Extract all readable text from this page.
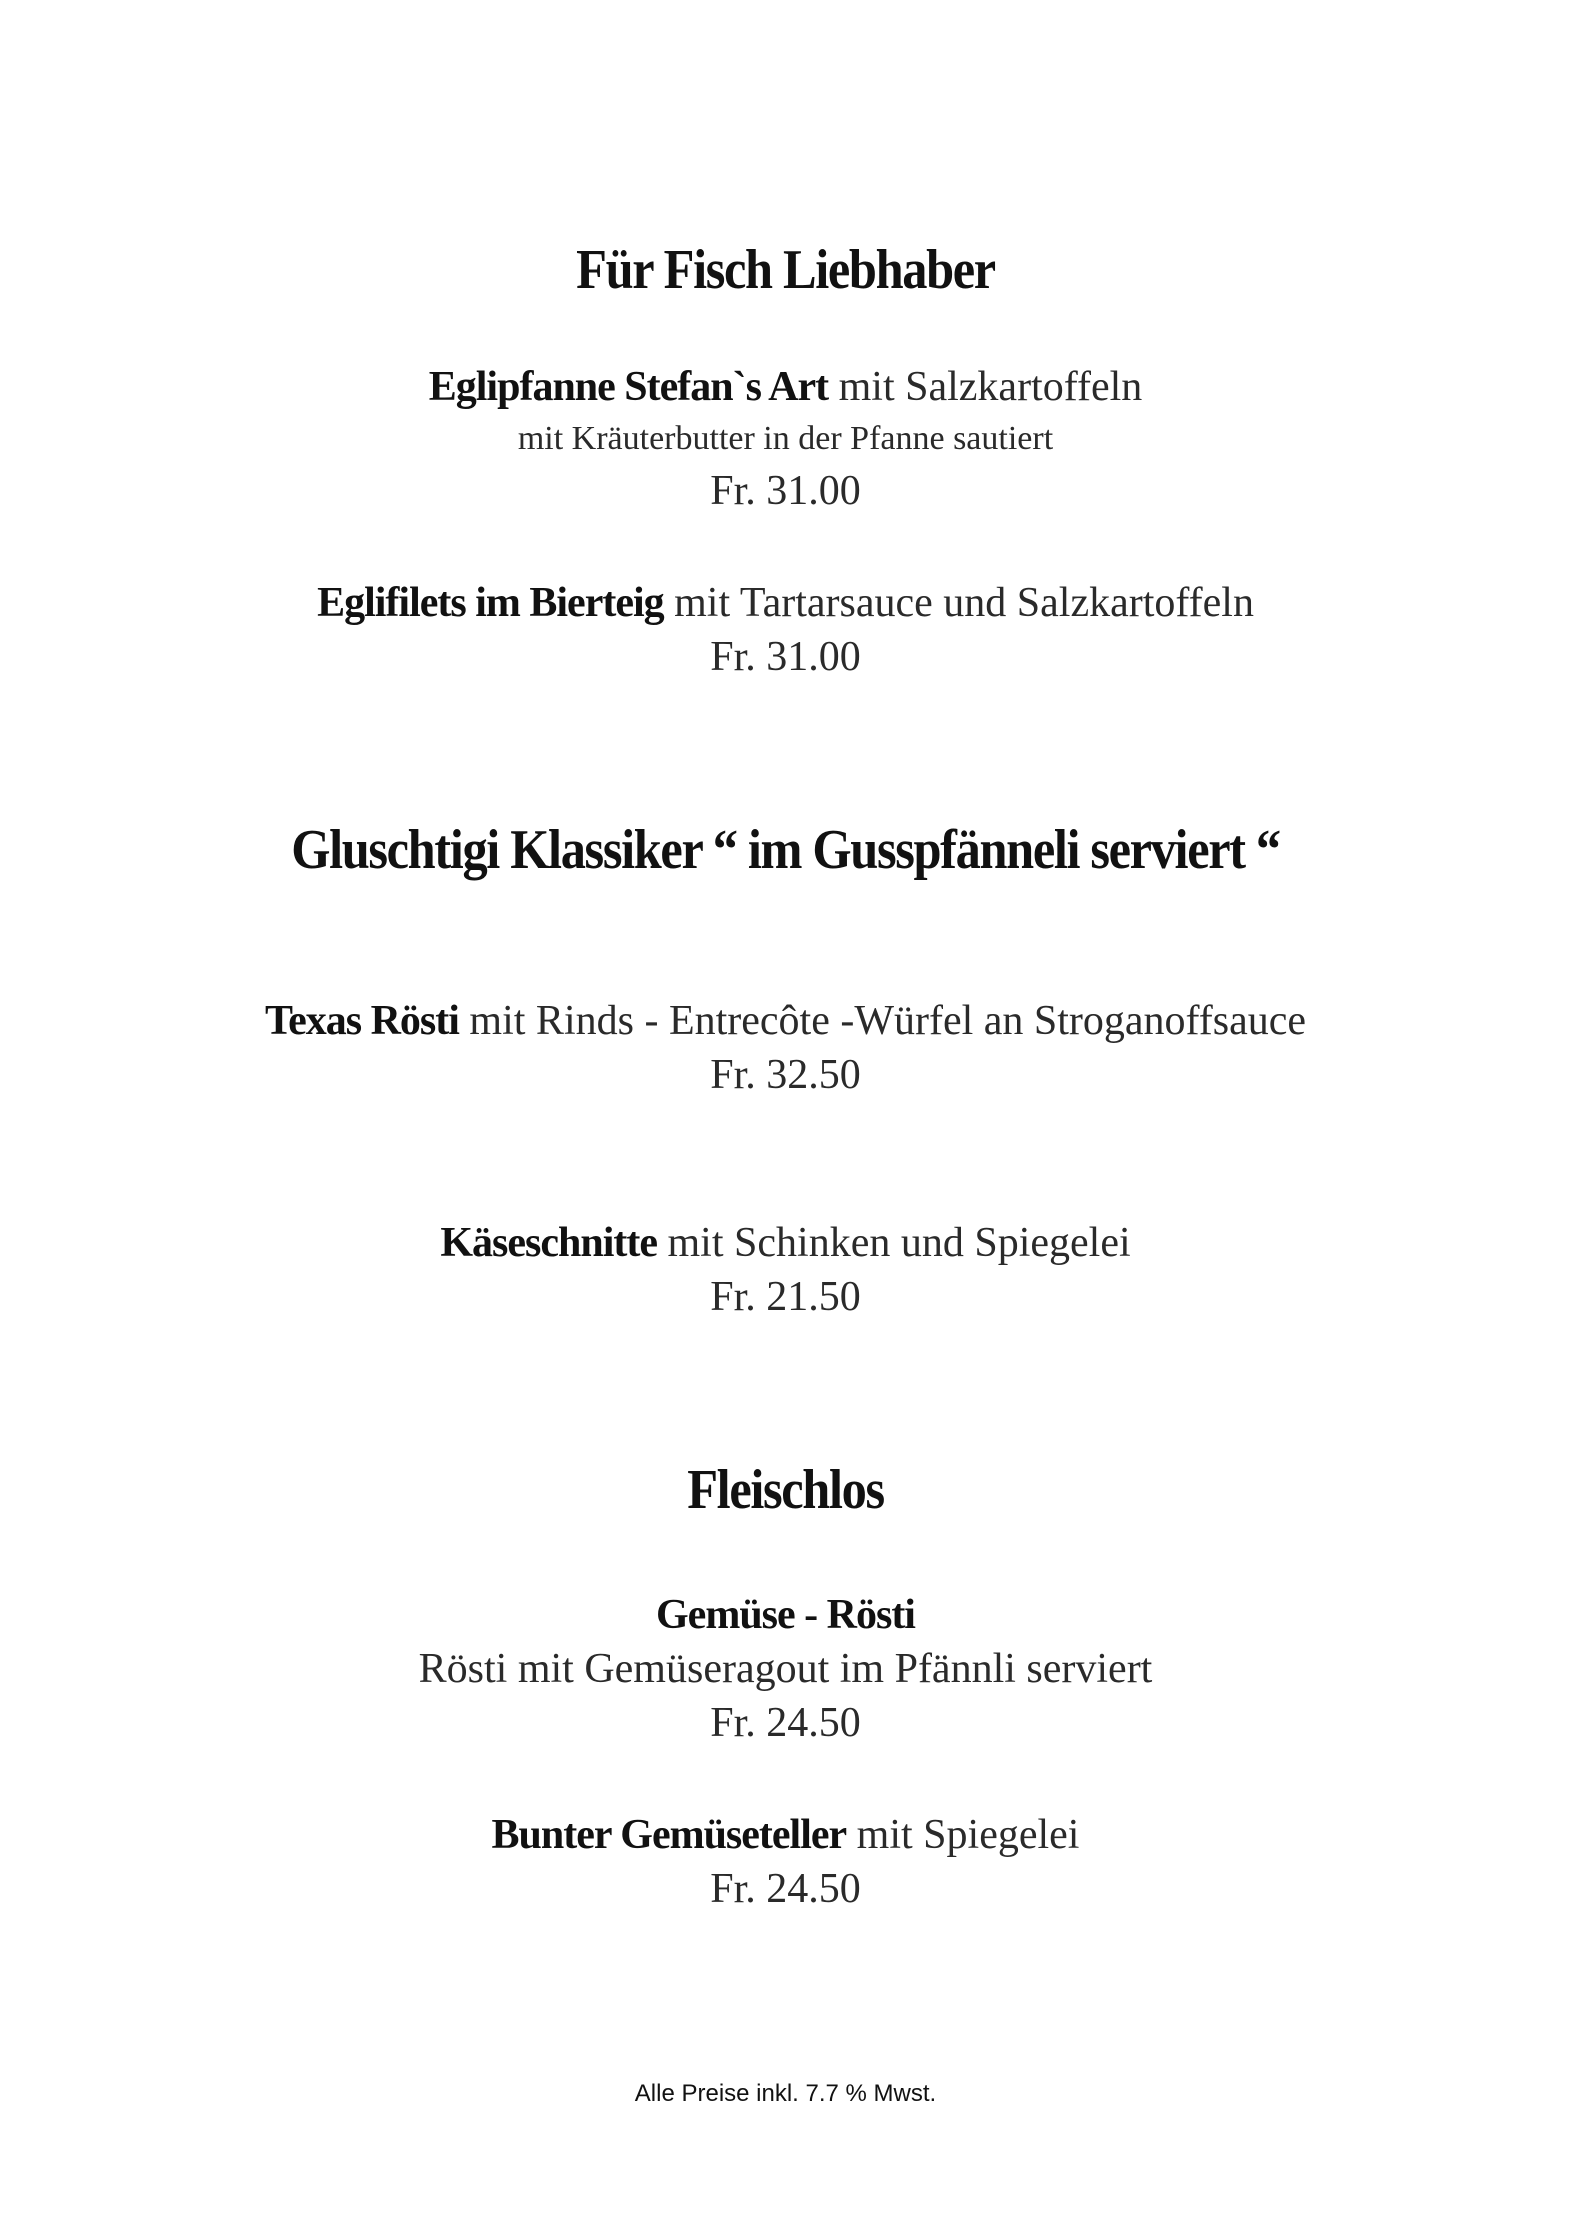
Für Fisch Liebhaber
Eglipfanne Stefan`s Art mit Salzkartoffeln
mit Kräuterbutter in der Pfanne sautiert
Fr. 31.00
Eglifilets im Bierteig mit Tartarsauce und Salzkartoffeln
Fr. 31.00
Gluschtigi Klassiker “ im Gusspfänneli serviert “
Texas Rösti mit Rinds - Entrecôte -Würfel an Stroganoffsauce
Fr. 32.50
Käseschnitte mit Schinken und Spiegelei
Fr. 21.50
Fleischlos
Gemüse - Rösti
Rösti mit Gemüseragout im Pfännli serviert
Fr. 24.50
Bunter Gemüseteller mit Spiegelei
Fr. 24.50
Alle Preise inkl. 7.7 % Mwst.
